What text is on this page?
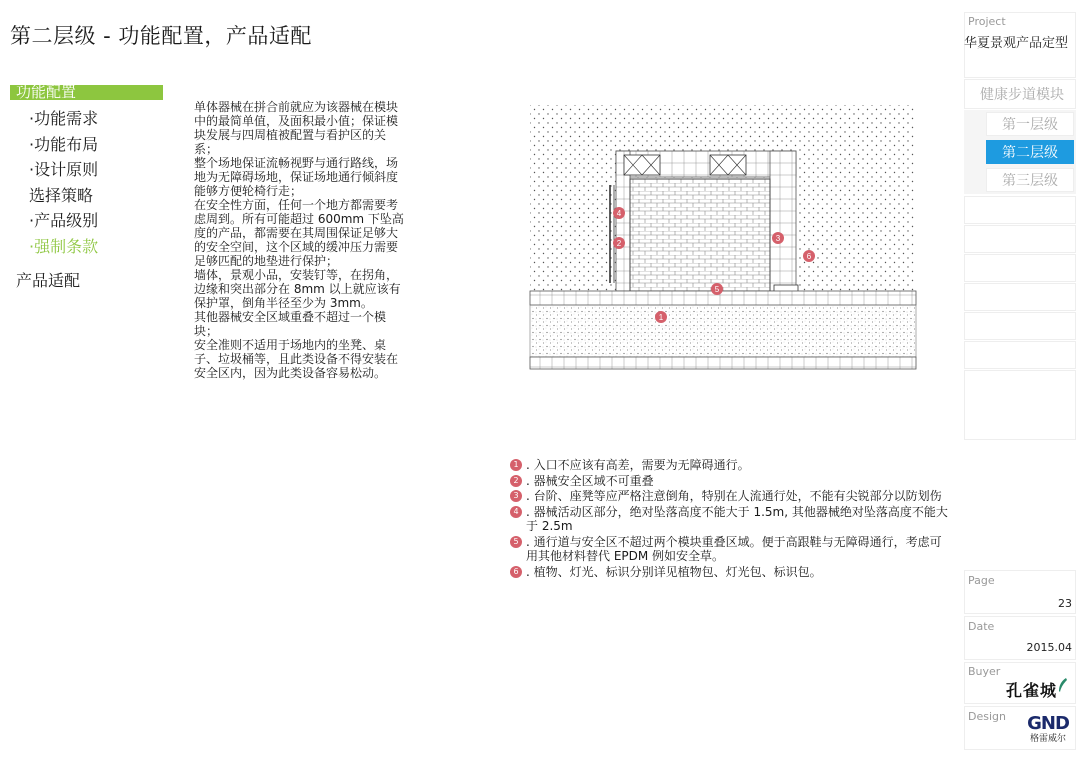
第二层级 - 功能配置，产品适配
功能配置
·功能需求
·功能布局
·设计原则
选择策略
·产品级别
·强制条款
产品适配

单体器械在拼合前就应为该器械在模块中的最简单值，及面积最小值；保证模块发展与四周植被配置与看护区的关系；

整个场地保证流畅视野与通行路线，场地为无障碍场地，保证场地通行倾斜度能够方便轮椅行走；

在安全性方面，任何一个地方都需要考虑周到。所有可能超过 600mm 下坠高度的产品，都需要在其周围保证足够大的安全空间，这个区域的缓冲压力需要足够匹配的地垫进行保护；

墙体，景观小品，安装钉等，在拐角，边缘和突出部分在 8mm 以上就应该有保护罩，倒角半径至少为 3mm。

其他器械安全区域重叠不超过一个模块；

安全准则不适用于场地内的坐凳、桌子、垃圾桶等，且此类设备不得安装在安全区内，因为此类设备容易松动。

1
2
3
4
5
6
1 . 入口不应该有高差，需要为无障碍通行。
2 . 器械安全区域不可重叠
3 . 台阶、座凳等应严格注意倒角，特别在人流通行处，不能有尖锐部分以防划伤
4 . 器械活动区部分，绝对坠落高度不能大于 1.5m, 其他器械绝对坠落高度不能大于 2.5m
5 . 通行道与安全区不超过两个模块重叠区域。便于高跟鞋与无障碍通行，考虑可用其他材料替代 EPDM 例如安全草。
6 . 植物、灯光、标识分别详见植物包、灯光包、标识包。
Project
华夏景观产品定型
健康步道模块
第一层级
第二层级
第三层级
Page
23
Date
2015.04
Buyer
孔雀城
Design GND
格雷威尔
